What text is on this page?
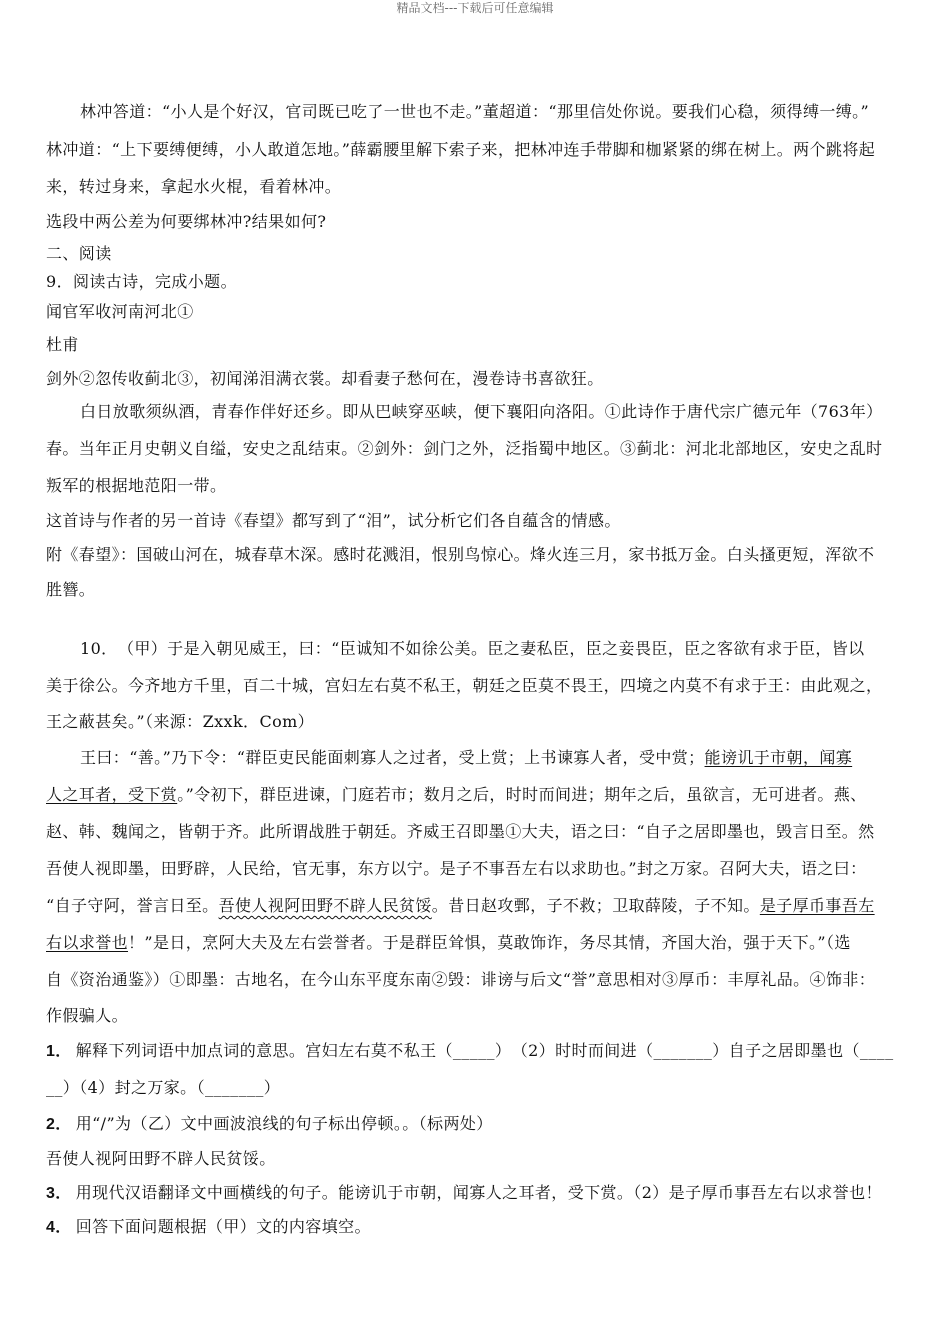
精品文档---下载后可任意编辑
林冲答道：“小人是个好汉，官司既已吃了一世也不走。”董超道：“那里信处你说。要我们心稳，须得缚一缚。”
林冲道：“上下要缚便缚，小人敢道怎地。”薛霸腰里解下索子来，把林冲连手带脚和枷紧紧的绑在树上。两个跳将起
来，转过身来，拿起水火棍，看着林冲。
选段中两公差为何要绑林冲?结果如何?
二、阅读
9．阅读古诗，完成小题。
闻官军收河南河北①
杜甫
剑外②忽传收蓟北③，初闻涕泪满衣裳。却看妻子愁何在，漫卷诗书喜欲狂。
白日放歌须纵酒，青春作伴好还乡。即从巴峡穿巫峡，便下襄阳向洛阳。①此诗作于唐代宗广德元年（763年）
春。当年正月史朝义自缢，安史之乱结束。②剑外：剑门之外，泛指蜀中地区。③蓟北：河北北部地区，安史之乱时
叛军的根据地范阳一带。
这首诗与作者的另一首诗《春望》都写到了“泪”，试分析它们各自蕴含的情感。
附《春望》：国破山河在，城春草木深。感时花溅泪，恨别鸟惊心。烽火连三月，家书抵万金。白头搔更短，浑欲不
胜簪。
10．　（甲）于是入朝见威王，曰：“臣诚知不如徐公美。臣之妻私臣，臣之妾畏臣，臣之客欲有求于臣，皆以
美于徐公。今齐地方千里，百二十城，宫妇左右莫不私王，朝廷之臣莫不畏王，四境之内莫不有求于王：由此观之，
王之蔽甚矣。”（来源：Zxxk．Com）
王曰：“善。”乃下令：“群臣吏民能面刺寡人之过者，受上赏；上书谏寡人者，受中赏；能谤讥于市朝，闻寡
人之耳者，受下赏。”令初下，群臣进谏，门庭若市；数月之后，时时而间进；期年之后，虽欲言，无可进者。燕、
赵、韩、魏闻之，皆朝于齐。此所谓战胜于朝廷。齐威王召即墨①大夫，语之曰：“自子之居即墨也，毁言日至。然
吾使人视即墨，田野辟，人民给，官无事，东方以宁。是子不事吾左右以求助也。”封之万家。召阿大夫，语之曰：
“自子守阿，誉言日至。吾使人视阿田野不辟人民贫馁。昔日赵攻鄄，子不救；卫取薛陵，子不知。是子厚币事吾左
右以求誉也！”是日，烹阿大夫及左右尝誉者。于是群臣耸惧，莫敢饰诈，务尽其情，齐国大治，强于天下。”（选
自《资治通鉴》）①即墨：古地名，在今山东平度东南②毁：诽谤与后文“誉”意思相对③厚币：丰厚礼品。④饰非：
作假骗人。
1． 解释下列词语中加点词的意思。宫妇左右莫不私王（_____）　（2）时时而间进（_______）自子之居即墨也（____
__）（4）封之万家。（_______）
2． 用“/”为（乙）文中画波浪线的句子标出停顿。。（标两处）
吾使人视阿田野不辟人民贫馁。
3． 用现代汉语翻译文中画横线的句子。能谤讥于市朝，闻寡人之耳者，受下赏。（2）是子厚币事吾左右以求誉也！
4． 回答下面问题根据（甲）文的内容填空。
